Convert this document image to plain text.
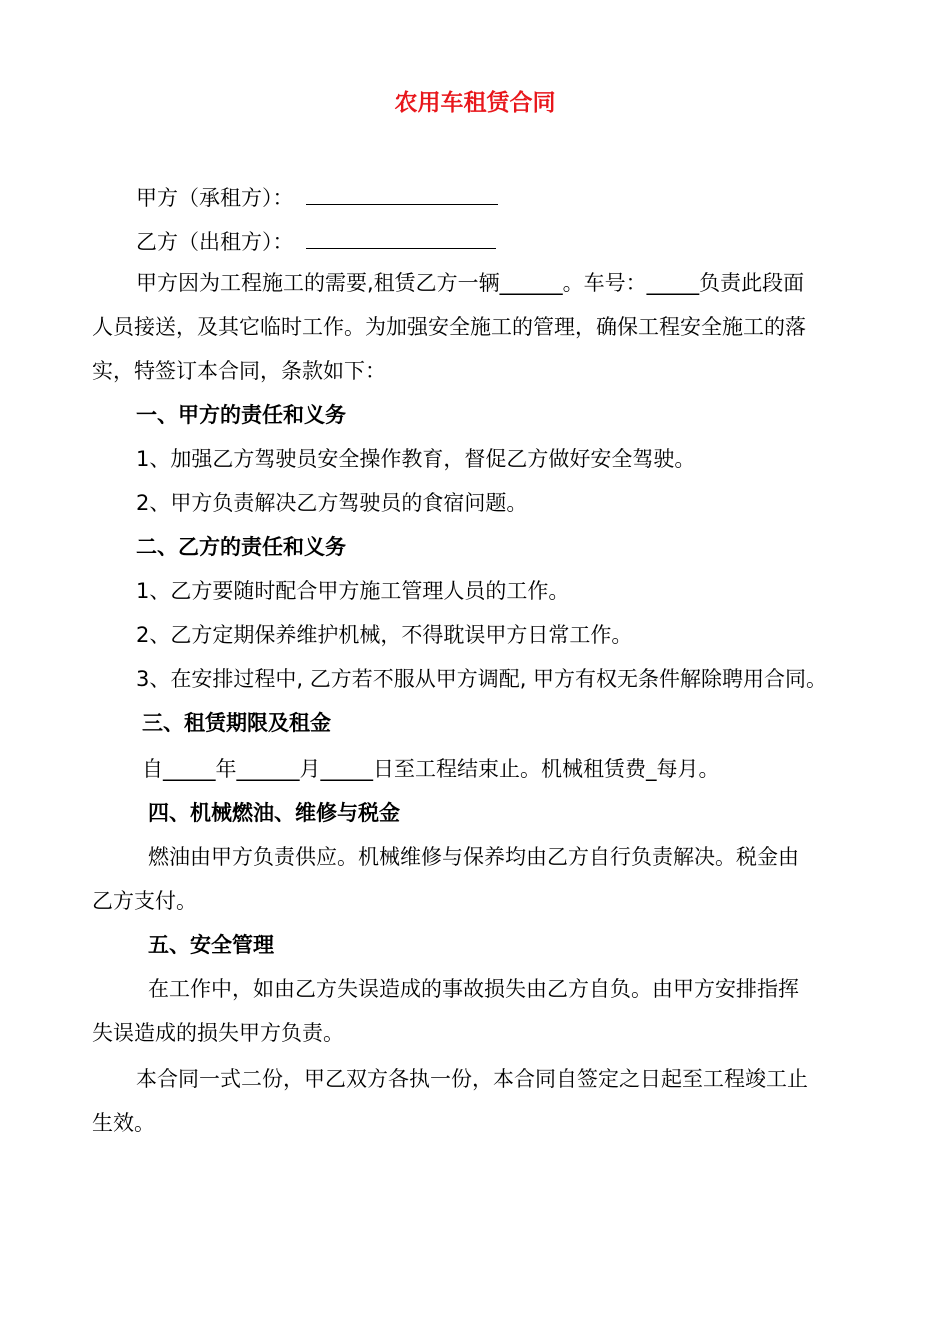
农用车租赁合同
甲方（承租方）：
乙方（出租方）：
甲方因为工程施工的需要,租赁乙方一辆______。车号：_____负责此段面
人员接送，及其它临时工作。为加强安全施工的管理，确保工程安全施工的落
实，特签订本合同，条款如下：
一、甲方的责任和义务
1、加强乙方驾驶员安全操作教育，督促乙方做好安全驾驶。
2、甲方负责解决乙方驾驶员的食宿问题。
二、乙方的责任和义务
1、乙方要随时配合甲方施工管理人员的工作。
2、乙方定期保养维护机械，不得耽误甲方日常工作。
3、在安排过程中, 乙方若不服从甲方调配, 甲方有权无条件解除聘用合同。
三、租赁期限及租金
自_____年______月_____日至工程结束止。机械租赁费_每月。
四、机械燃油、维修与税金
燃油由甲方负责供应。机械维修与保养均由乙方自行负责解决。税金由
乙方支付。
五、安全管理
在工作中，如由乙方失误造成的事故损失由乙方自负。由甲方安排指挥
失误造成的损失甲方负责。
本合同一式二份，甲乙双方各执一份，本合同自签定之日起至工程竣工止
生效。
